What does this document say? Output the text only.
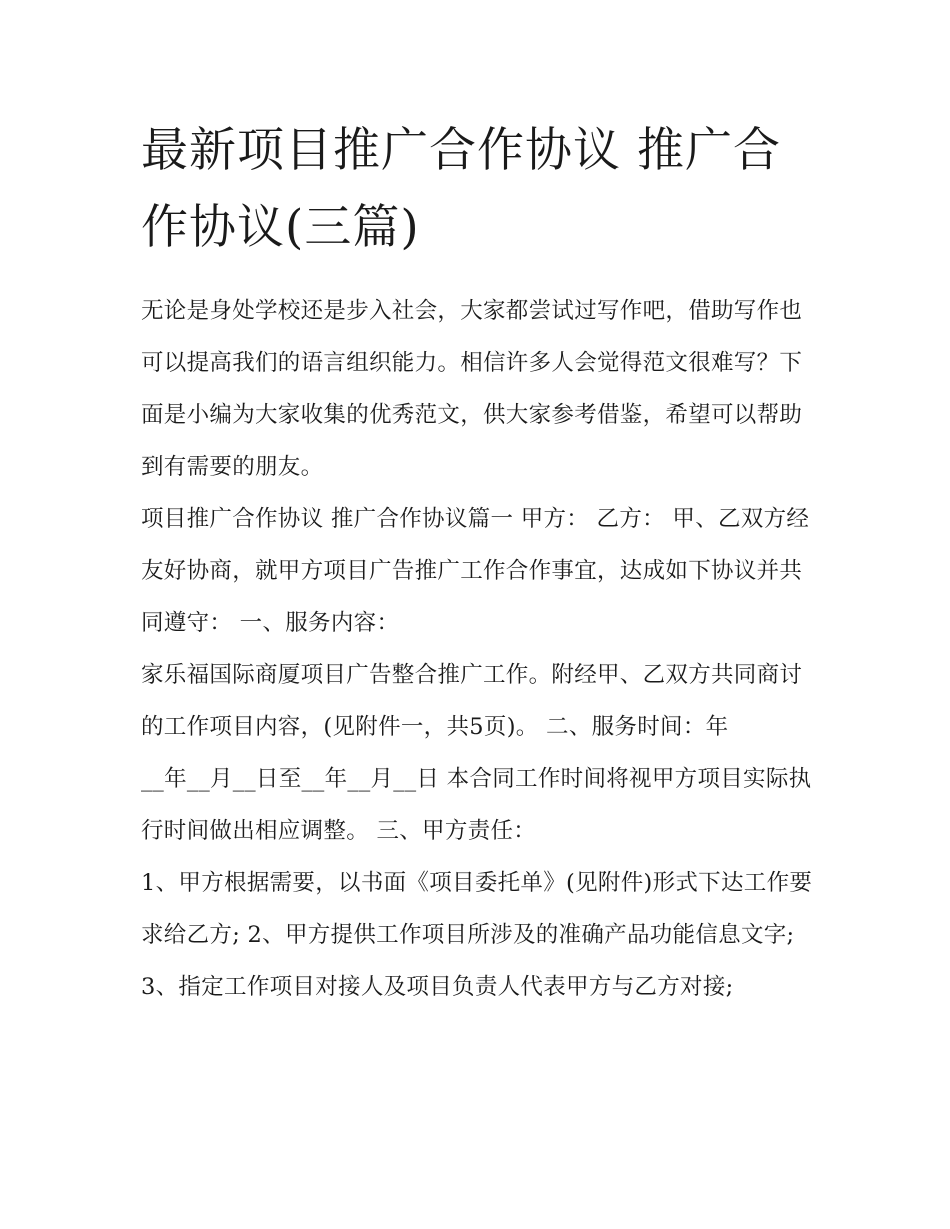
最新项目推广合作协议 推广合作协议(三篇)

无论是身处学校还是步入社会，大家都尝试过写作吧，借助写作也可以提高我们的语言组织能力。相信许多人会觉得范文很难写？下面是小编为大家收集的优秀范文，供大家参考借鉴，希望可以帮助到有需要的朋友。

项目推广合作协议 推广合作协议篇一 甲方： 乙方： 甲、乙双方经友好协商，就甲方项目广告推广工作合作事宜，达成如下协议并共同遵守： 一、服务内容：

家乐福国际商厦项目广告整合推广工作。附经甲、乙双方共同商讨的工作项目内容，(见附件一，共5页)。 二、服务时间：年

__年__月__日至__年__月__日 本合同工作时间将视甲方项目实际执行时间做出相应调整。 三、甲方责任：

1、甲方根据需要，以书面《项目委托单》(见附件)形式下达工作要求给乙方; 2、甲方提供工作项目所涉及的准确产品功能信息文字;

3、指定工作项目对接人及项目负责人代表甲方与乙方对接;
